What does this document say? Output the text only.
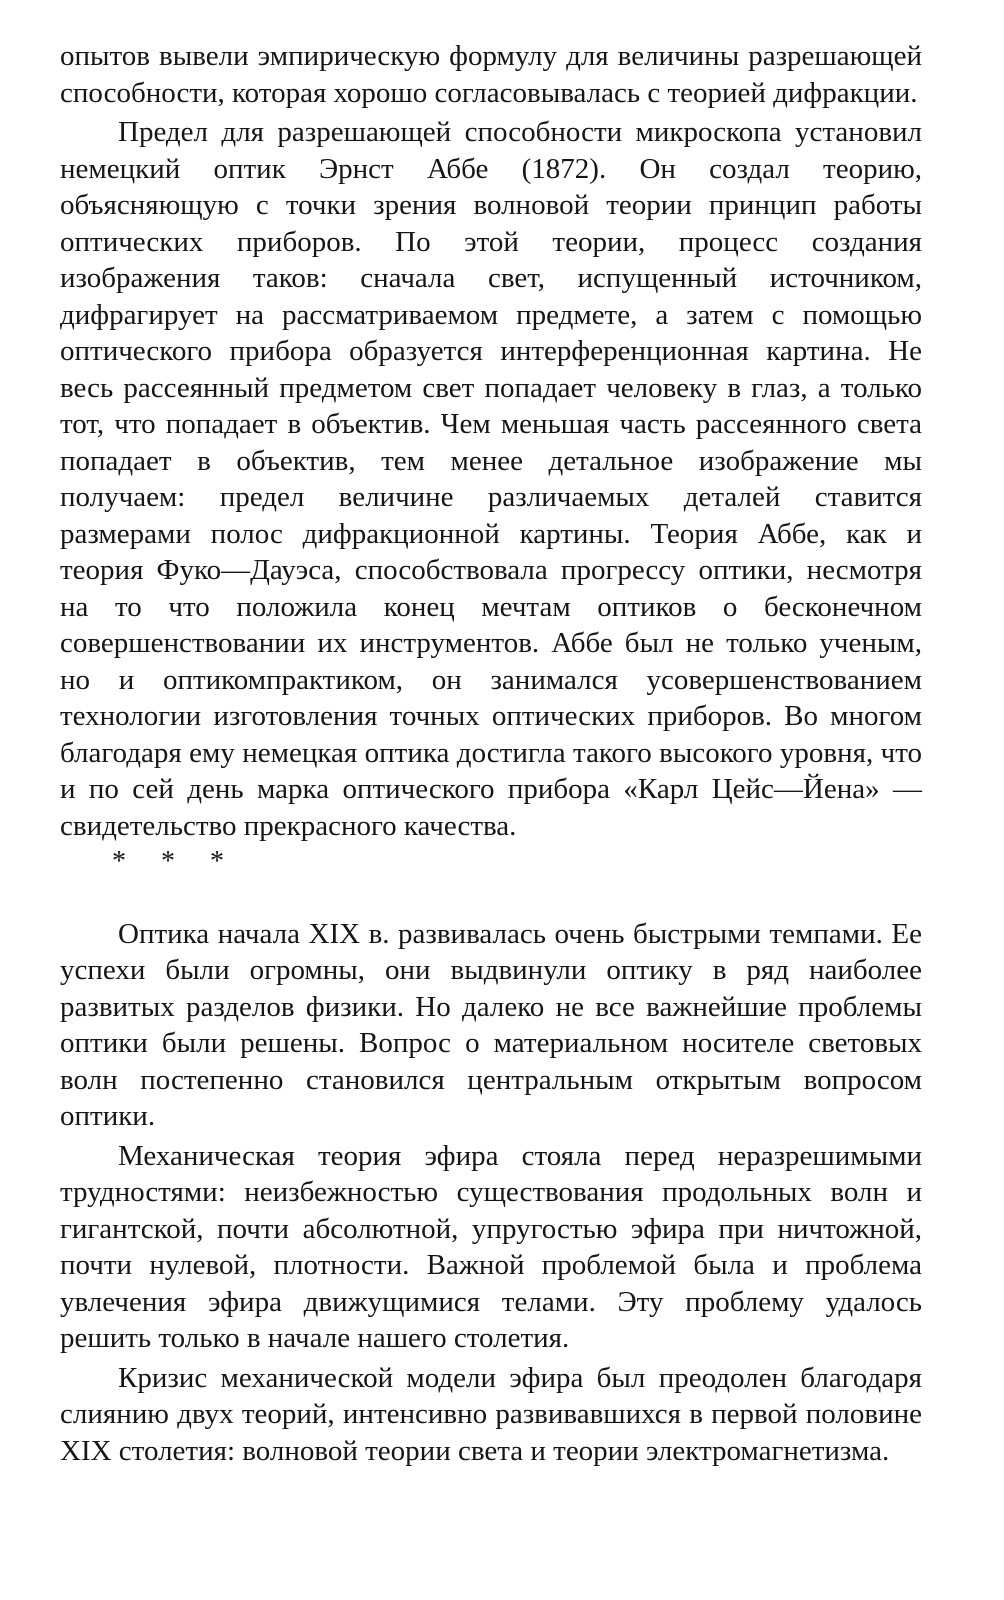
опытов вывели эмпирическую формулу для величины разрешающей способности, которая хорошо согласовывалась с теорией дифракции.

Предел для разрешающей способности микроскопа установил немецкий оптик Эрнст Аббе (1872). Он создал теорию, объясняющую с точки зрения волновой теории принцип работы оптических приборов. По этой теории, процесс создания изображения таков: сначала свет, испущенный источником, дифрагирует на рассматриваемом предмете, а затем с помощью оптического прибора образуется интерференционная картина. Не весь рассеянный предметом свет попадает человеку в глаз, а только тот, что попадает в объектив. Чем меньшая часть рассеянного света попадает в объектив, тем менее детальное изображение мы получаем: предел величине различаемых деталей ставится размерами полос дифракционной картины. Теория Аббе, как и теория Фуко—Дауэса, способствовала прогрессу оптики, несмотря на то что положила конец мечтам оптиков о бесконечном совершенствовании их инструментов. Аббе был не только ученым, но и оптикомпрактиком, он занимался усовершенствованием технологии изготовления точных оптических приборов. Во многом благодаря ему немецкая оптика достигла такого высокого уровня, что и по сей день марка оптического прибора «Карл Цейс—Йена» — свидетельство прекрасного качества.

* * *

Оптика начала XIX в. развивалась очень быстрыми темпами. Ее успехи были огромны, они выдвинули оптику в ряд наиболее развитых разделов физики. Но далеко не все важнейшие проблемы оптики были решены. Вопрос о материальном носителе световых волн постепенно становился центральным открытым вопросом оптики.

Механическая теория эфира стояла перед неразрешимыми трудностями: неизбежностью существования продольных волн и гигантской, почти абсолютной, упругостью эфира при ничтожной, почти нулевой, плотности. Важной проблемой была и проблема увлечения эфира движущимися телами. Эту проблему удалось решить только в начале нашего столетия.

Кризис механической модели эфира был преодолен благодаря слиянию двух теорий, интенсивно развивавшихся в первой половине XIX столетия: волновой теории света и теории электромагнетизма.
